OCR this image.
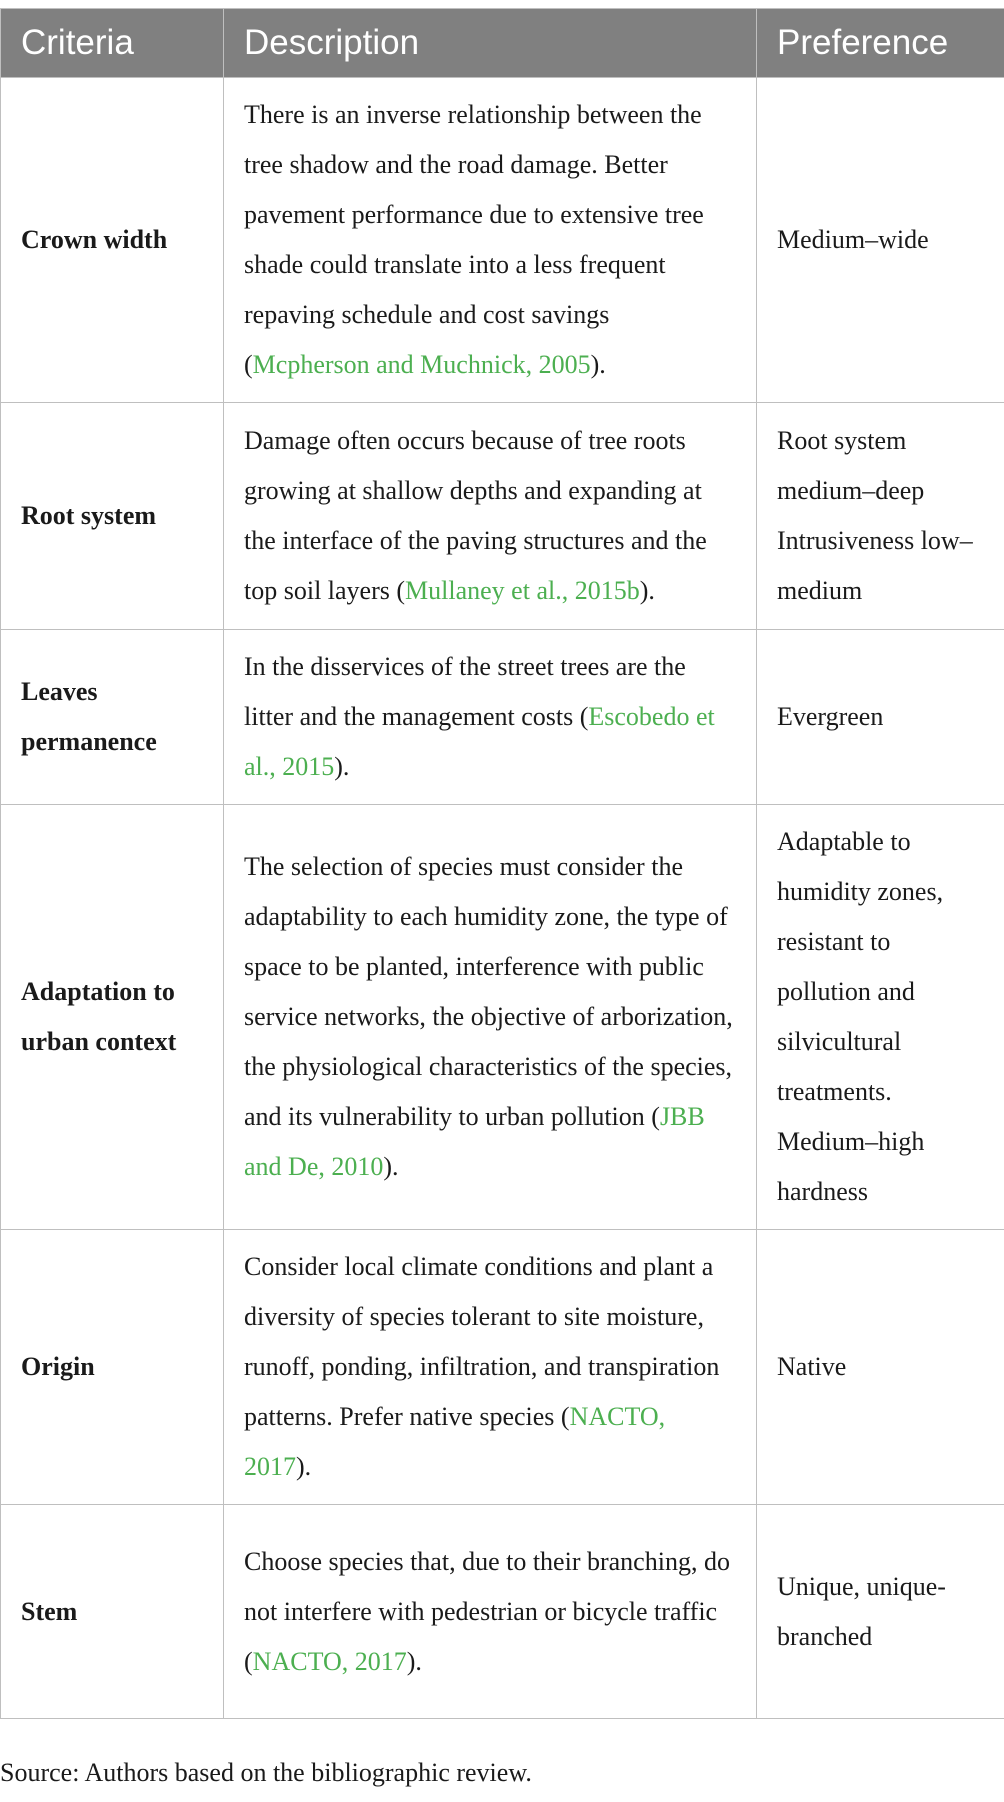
Criteria	Description	Preference
Crown width	There is an inverse relationship between the tree shadow and the road damage. Better pavement performance due to extensive tree shade could translate into a less frequent repaving schedule and cost savings (Mcpherson and Muchnick, 2005).	Medium–wide
Root system	Damage often occurs because of tree roots growing at shallow depths and expanding at the interface of the paving structures and the top soil layers (Mullaney et al., 2015b).	Root system medium–deep Intrusiveness low–medium
Leaves permanence	In the disservices of the street trees are the litter and the management costs (Escobedo et al., 2015).	Evergreen
Adaptation to urban context	The selection of species must consider the adaptability to each humidity zone, the type of space to be planted, interference with public service networks, the objective of arborization, the physiological characteristics of the species, and its vulnerability to urban pollution (JBB and De, 2010).	Adaptable to humidity zones, resistant to pollution and silvicultural treatments. Medium–high hardness
Origin	Consider local climate conditions and plant a diversity of species tolerant to site moisture, runoff, ponding, infiltration, and transpiration patterns. Prefer native species (NACTO, 2017).	Native
Stem	Choose species that, due to their branching, do not interfere with pedestrian or bicycle traffic (NACTO, 2017).	Unique, unique-branched
Source: Authors based on the bibliographic review.
